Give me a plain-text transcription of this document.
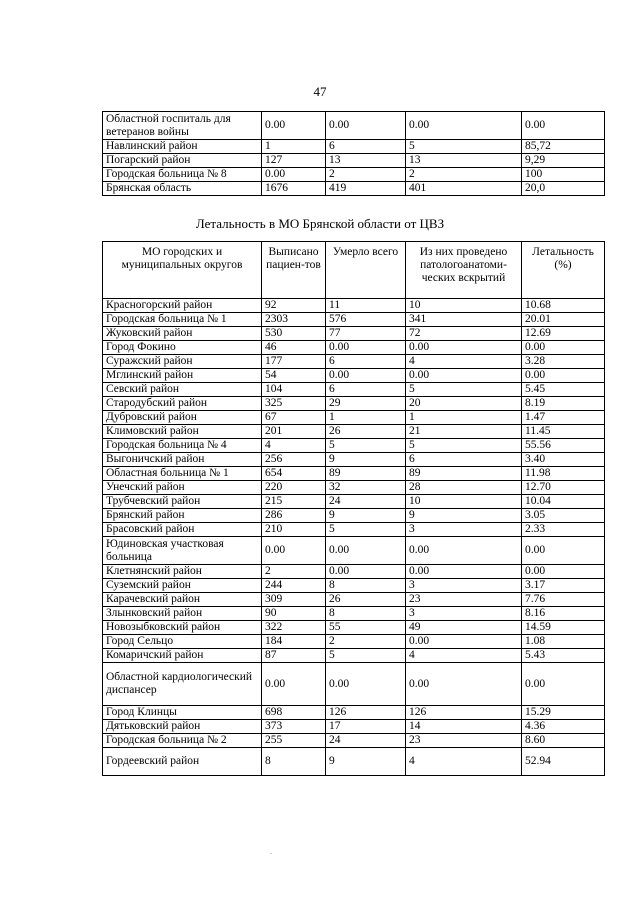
47
Областной госпиталь для ветеранов войны	0.00	0.00	0.00	0.00
Навлинский район	1	6	5	85,72
Погарский район	127	13	13	9,29
Городская больница № 8	0.00	2	2	100
Брянская область	1676	419	401	20,0
Летальность в МО Брянской области от ЦВЗ
МО городских и муниципальных округов	Выписано пациен-тов	Умерло всего	Из них проведено патологоанатоми-ческих вскрытий	Летальность (%)
Красногорский район	92	11	10	10.68
Городская больница № 1	2303	576	341	20.01
Жуковский район	530	77	72	12.69
Город Фокино	46	0.00	0.00	0.00
Суражский район	177	6	4	3.28
Мглинский район	54	0.00	0.00	0.00
Севский район	104	6	5	5.45
Стародубский район	325	29	20	8.19
Дубровский район	67	1	1	1.47
Климовский район	201	26	21	11.45
Городская больница № 4	4	5	5	55.56
Выгоничский район	256	9	6	3.40
Областная больница № 1	654	89	89	11.98
Унечский район	220	32	28	12.70
Трубчевский район	215	24	10	10.04
Брянский район	286	9	9	3.05
Брасовский район	210	5	3	2.33
Юдиновская участковая больница	0.00	0.00	0.00	0.00
Клетнянский район	2	0.00	0.00	0.00
Суземский район	244	8	3	3.17
Карачевский район	309	26	23	7.76
Злынковский район	90	8	3	8.16
Новозыбковский район	322	55	49	14.59
Город Сельцо	184	2	0.00	1.08
Комаричский район	87	5	4	5.43
Областной кардиологический диспансер	0.00	0.00	0.00	0.00
Город Клинцы	698	126	126	15.29
Дятьковский район	373	17	14	4.36
Городская больница № 2	255	24	23	8.60
Гордеевский район	8	9	4	52.94
.
